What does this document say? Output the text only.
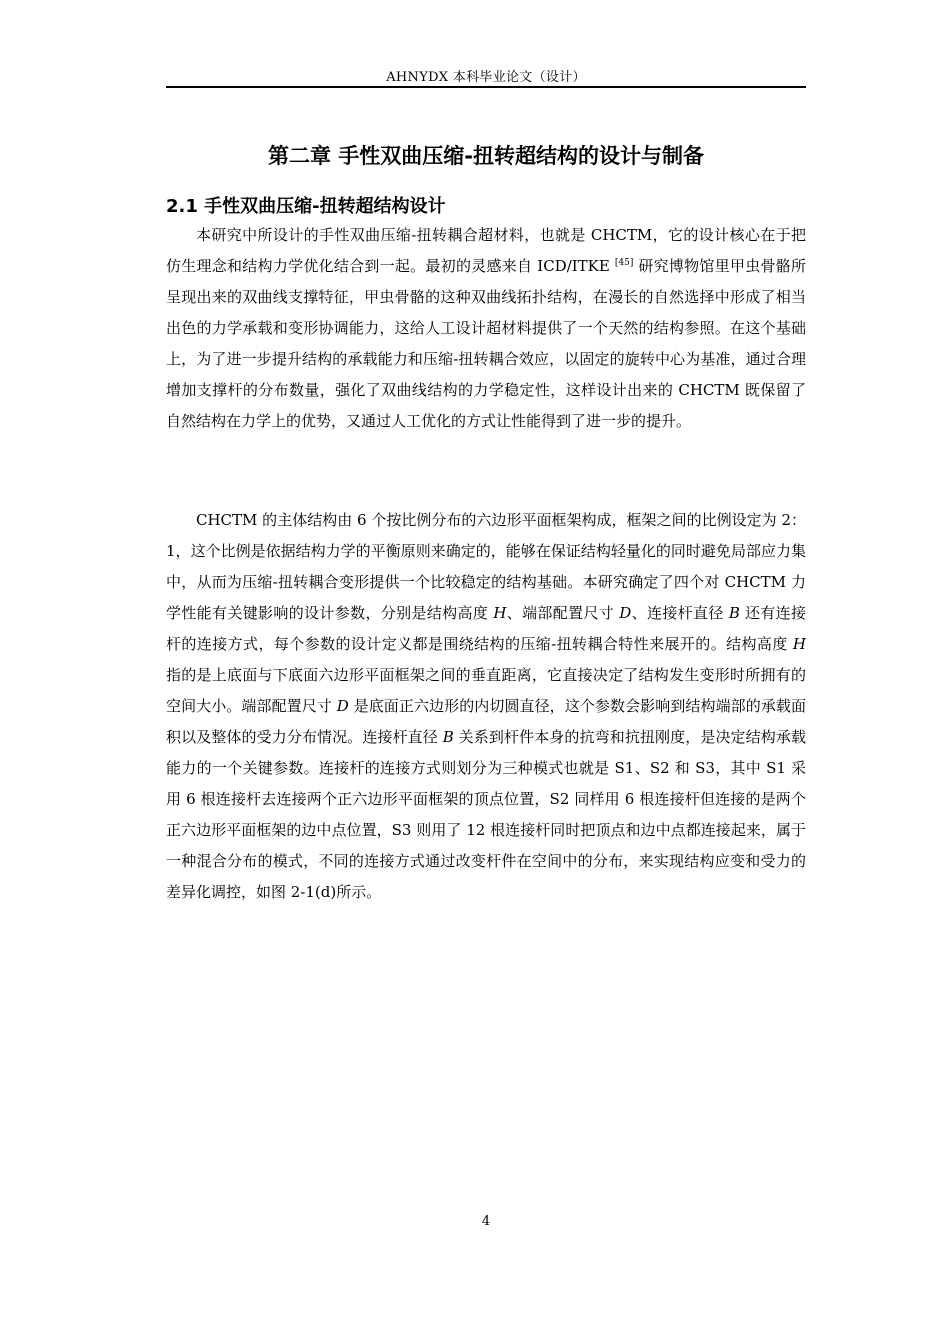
AHNYDX 本科毕业论文（设计）
第二章 手性双曲压缩-扭转超结构的设计与制备
2.1 手性双曲压缩-扭转超结构设计

本研究中所设计的手性双曲压缩-扭转耦合超材料，也就是 CHCTM，它的设计核心在于把仿生理念和结构力学优化结合到一起。最初的灵感来自 ICD/ITKE [45] 研究博物馆里甲虫骨骼所呈现出来的双曲线支撑特征，甲虫骨骼的这种双曲线拓扑结构，在漫长的自然选择中形成了相当出色的力学承载和变形协调能力，这给人工设计超材料提供了一个天然的结构参照。在这个基础上，为了进一步提升结构的承载能力和压缩-扭转耦合效应，以固定的旋转中心为基准，通过合理增加支撑杆的分布数量，强化了双曲线结构的力学稳定性，这样设计出来的 CHCTM 既保留了自然结构在力学上的优势，又通过人工优化的方式让性能得到了进一步的提升。

CHCTM 的主体结构由 6 个按比例分布的六边形平面框架构成，框架之间的比例设定为 2：1，这个比例是依据结构力学的平衡原则来确定的，能够在保证结构轻量化的同时避免局部应力集中，从而为压缩-扭转耦合变形提供一个比较稳定的结构基础。本研究确定了四个对 CHCTM 力学性能有关键影响的设计参数，分别是结构高度 H、端部配置尺寸 D、连接杆直径 B 还有连接杆的连接方式，每个参数的设计定义都是围绕结构的压缩-扭转耦合特性来展开的。结构高度 H 指的是上底面与下底面六边形平面框架之间的垂直距离，它直接决定了结构发生变形时所拥有的空间大小。端部配置尺寸 D 是底面正六边形的内切圆直径，这个参数会影响到结构端部的承载面积以及整体的受力分布情况。连接杆直径 B 关系到杆件本身的抗弯和抗扭刚度，是决定结构承载能力的一个关键参数。连接杆的连接方式则划分为三种模式也就是 S1、S2 和 S3，其中 S1 采用 6 根连接杆去连接两个正六边形平面框架的顶点位置，S2 同样用 6 根连接杆但连接的是两个正六边形平面框架的边中点位置，S3 则用了 12 根连接杆同时把顶点和边中点都连接起来，属于一种混合分布的模式，不同的连接方式通过改变杆件在空间中的分布，来实现结构应变和受力的差异化调控，如图 2-1(d)所示。

4
